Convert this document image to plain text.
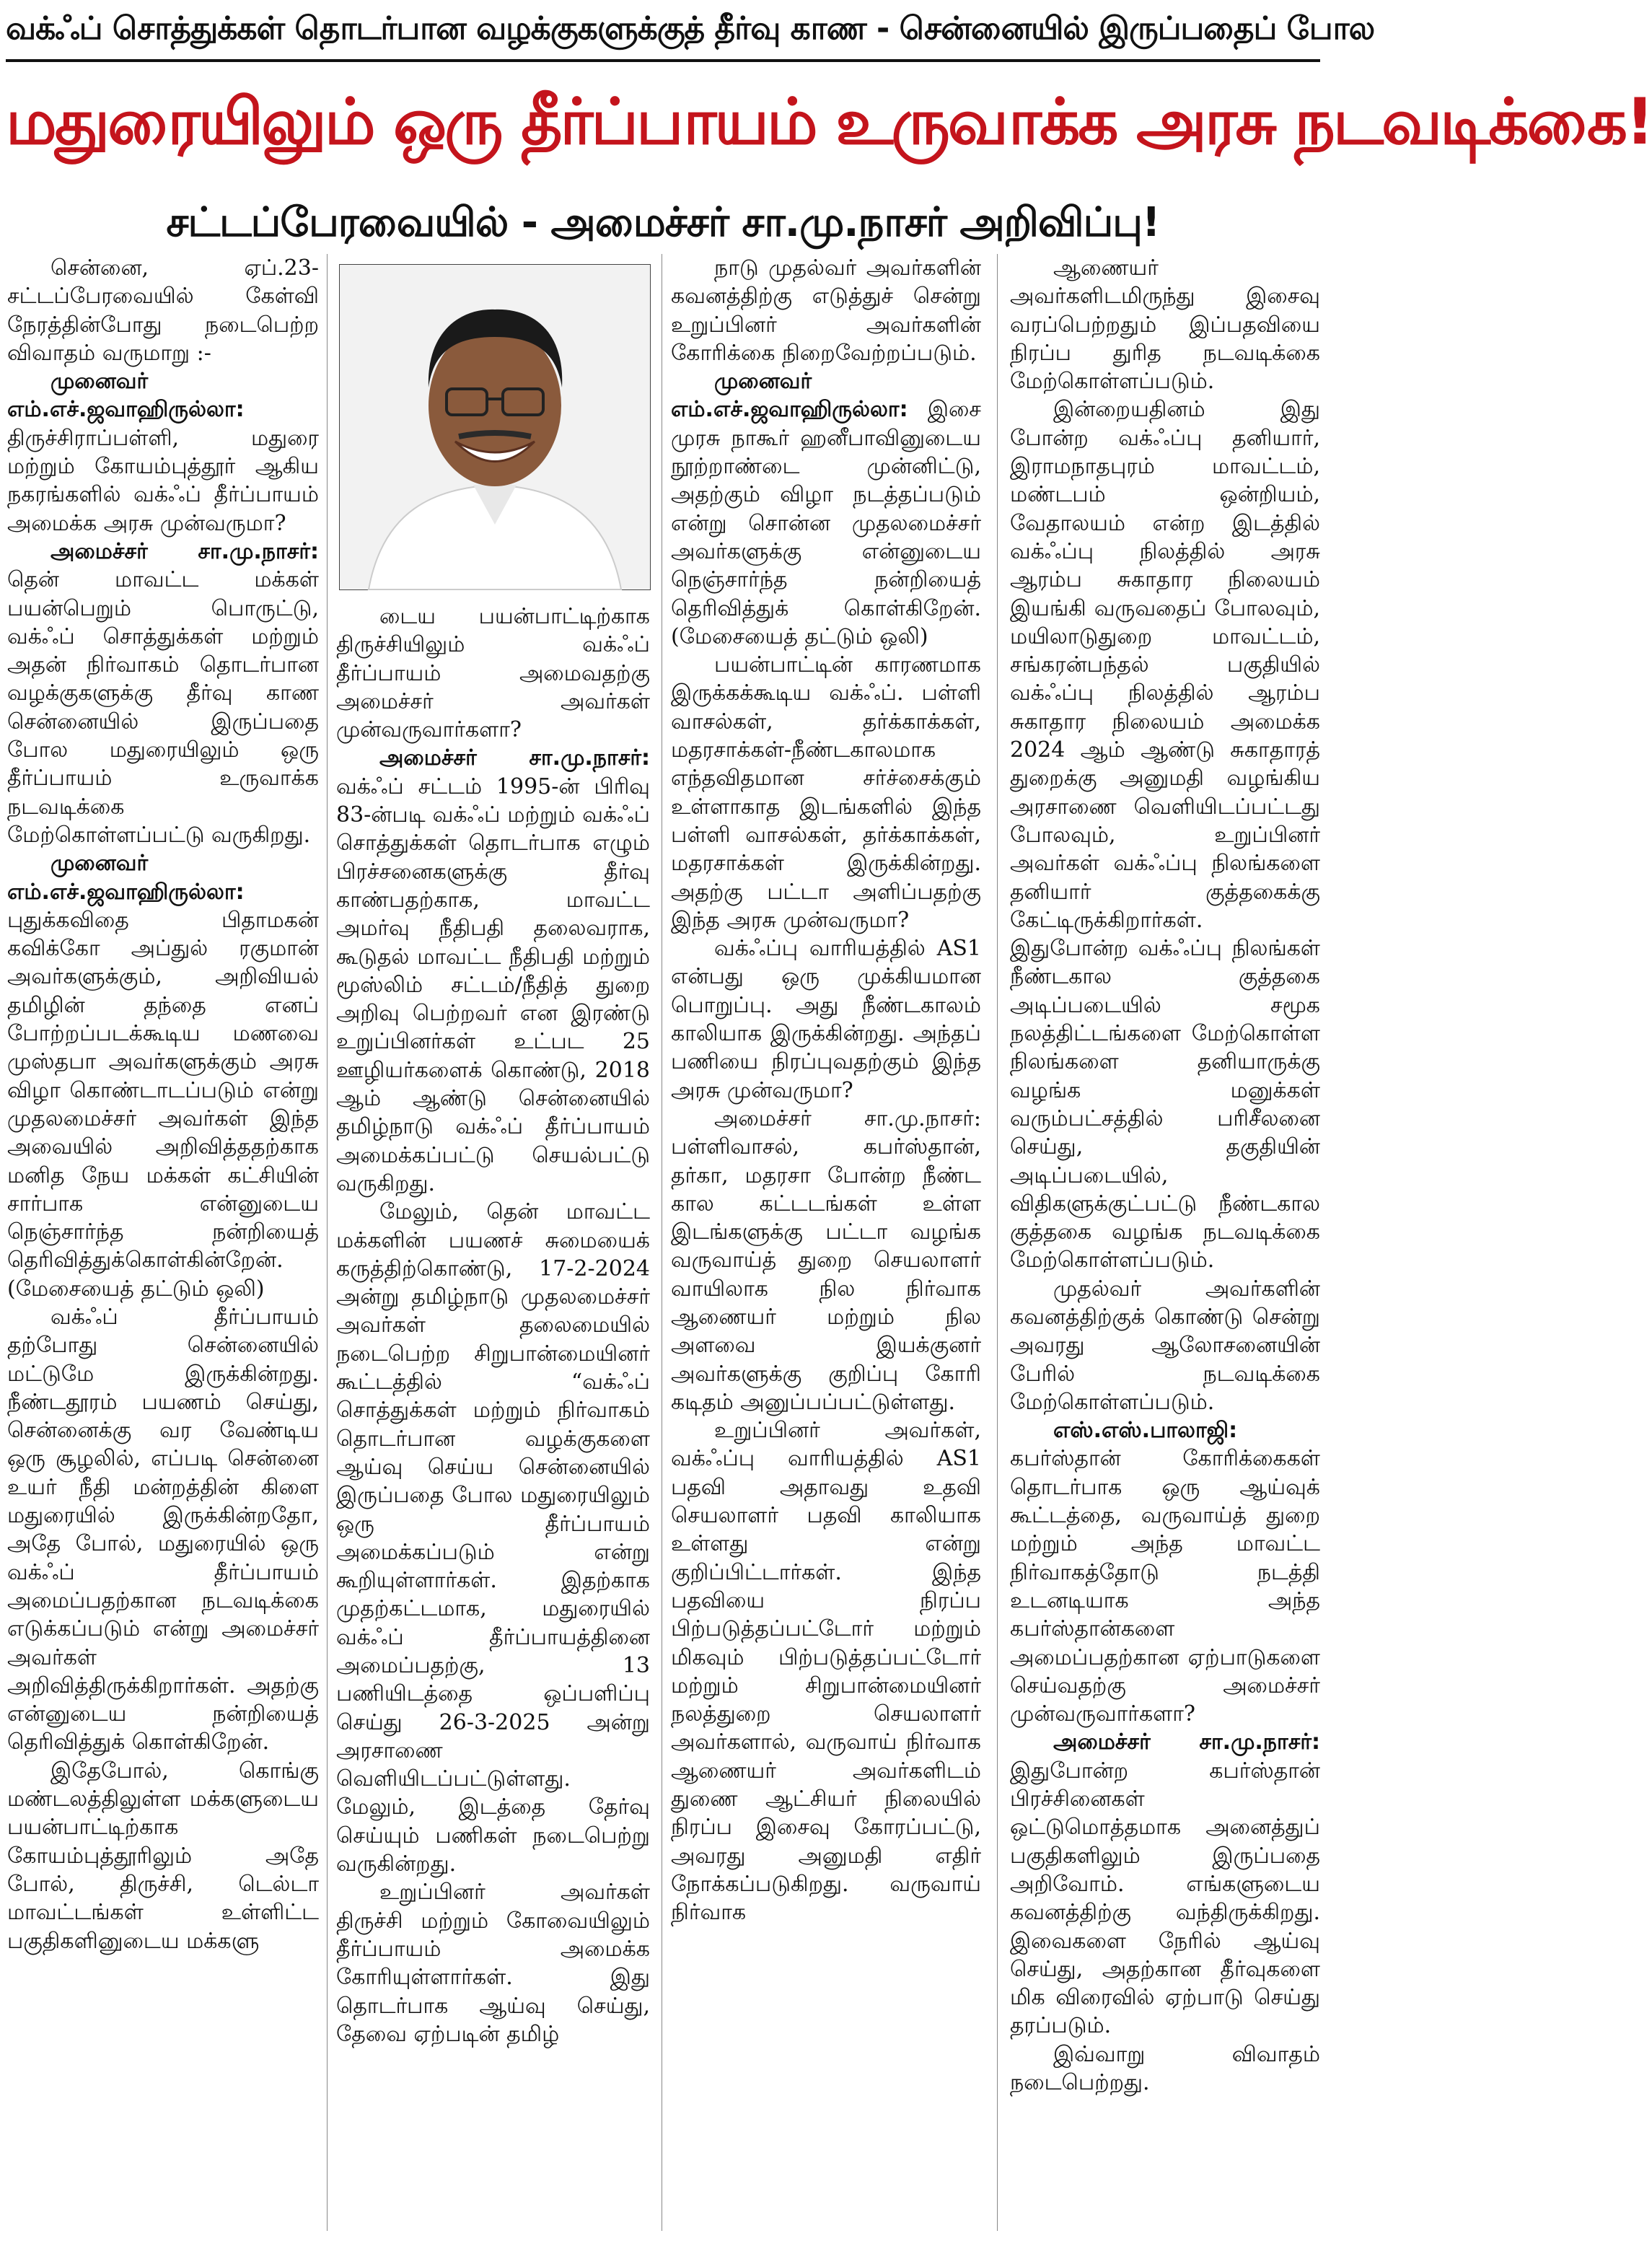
வக்ஃப் சொத்துக்கள் தொடர்பான வழக்குகளுக்குத் தீர்வு காண - சென்னையில் இருப்பதைப் போல
மதுரையிலும் ஒரு தீர்ப்பாயம் உருவாக்க அரசு நடவடிக்கை!
சட்டப்பேரவையில் - அமைச்சர் சா.மு.நாசர் அறிவிப்பு!

சென்னை, ஏப்.23- சட்டப்பேரவையில் கேள்வி நேரத்தின்போது நடைபெற்ற விவாதம் வருமாறு :-

முனைவர் எம்.எச்.ஜவாஹிருல்லா: திருச்சிராப்பள்ளி, மதுரை மற்றும் கோயம்புத்தூர் ஆகிய நகரங்களில் வக்ஃப் தீர்ப்பாயம் அமைக்க அரசு முன்வருமா?

அமைச்சர் சா.மு.நாசர்: தென் மாவட்ட மக்கள் பயன்பெறும் பொருட்டு, வக்ஃப் சொத்துக்கள் மற்றும் அதன் நிர்வாகம் தொடர்பான வழக்குகளுக்கு தீர்வு காண சென்னையில் இருப்பதை போல மதுரையிலும் ஒரு தீர்ப்பாயம் உருவாக்க நடவடிக்கை மேற்கொள்ளப்பட்டு வருகிறது.

முனைவர் எம்.எச்.ஜவாஹிருல்லா: புதுக்கவிதை பிதாமகன் கவிக்கோ அப்துல் ரகுமான் அவர்களுக்கும், அறிவியல் தமிழின் தந்தை எனப் போற்றப்படக்கூடிய மணவை முஸ்தபா அவர்களுக்கும் அரசு விழா கொண்டாடப்படும் என்று முதலமைச்சர் அவர்கள் இந்த அவையில் அறிவித்ததற்காக மனித நேய மக்கள் கட்சியின் சார்பாக என்னுடைய நெஞ்சார்ந்த நன்றியைத் தெரிவித்துக்கொள்கின்றேன். (மேசையைத் தட்டும் ஒலி)

வக்ஃப் தீர்ப்பாயம் தற்போது சென்னையில் மட்டுமே இருக்கின்றது. நீண்டதூரம் பயணம் செய்து, சென்னைக்கு வர வேண்டிய ஒரு சூழலில், எப்படி சென்னை உயர் நீதி மன்றத்தின் கிளை மதுரையில் இருக்கின்றதோ, அதே போல், மதுரையில் ஒரு வக்ஃப் தீர்ப்பாயம் அமைப்பதற்கான நடவடிக்கை எடுக்கப்படும் என்று அமைச்சர் அவர்கள் அறிவித்திருக்கிறார்கள். அதற்கு என்னுடைய நன்றியைத் தெரிவித்துக் கொள்கிறேன்.

இதேபோல், கொங்கு மண்டலத்திலுள்ள மக்களுடைய பயன்பாட்டிற்காக கோயம்புத்தூரிலும் அதே போல், திருச்சி, டெல்டா மாவட்டங்கள் உள்ளிட்ட பகுதிகளினுடைய மக்களு

டைய பயன்பாட்டிற்காக திருச்சியிலும் வக்ஃப் தீர்ப்பாயம் அமைவதற்கு அமைச்சர் அவர்கள் முன்வருவார்களா?

அமைச்சர் சா.மு.நாசர்: வக்ஃப் சட்டம் 1995-ன் பிரிவு 83-ன்படி வக்ஃப் மற்றும் வக்ஃப் சொத்துக்கள் தொடர்பாக எழும் பிரச்சனைகளுக்கு தீர்வு காண்பதற்காக, மாவட்ட அமர்வு நீதிபதி தலைவராக, கூடுதல் மாவட்ட நீதிபதி மற்றும் மூஸ்லிம் சட்டம்/நீதித் துறை அறிவு பெற்றவர் என இரண்டு உறுப்பினர்கள் உட்பட 25 ஊழியர்களைக் கொண்டு, 2018 ஆம் ஆண்டு சென்னையில் தமிழ்நாடு வக்ஃப் தீர்ப்பாயம் அமைக்கப்பட்டு செயல்பட்டு வருகிறது.

மேலும், தென் மாவட்ட மக்களின் பயணச் சுமையைக் கருத்திற்கொண்டு, 17-2-2024 அன்று தமிழ்நாடு முதலமைச்சர் அவர்கள் தலைமையில் நடைபெற்ற சிறுபான்மையினர் கூட்டத்தில் “வக்ஃப் சொத்துக்கள் மற்றும் நிர்வாகம் தொடர்பான வழக்குகளை ஆய்வு செய்ய சென்னையில் இருப்பதை போல மதுரையிலும் ஒரு தீர்ப்பாயம் அமைக்கப்படும் என்று கூறியுள்ளார்கள். இதற்காக முதற்கட்டமாக, மதுரையில் வக்ஃப் தீர்ப்பாயத்தினை அமைப்பதற்கு, 13 பணியிடத்தை ஒப்பளிப்பு செய்து 26-3-2025 அன்று அரசாணை வெளியிடப்பட்டுள்ளது. மேலும், இடத்தை தேர்வு செய்யும் பணிகள் நடைபெற்று வருகின்றது.

உறுப்பினர் அவர்கள் திருச்சி மற்றும் கோவையிலும் தீர்ப்பாயம் அமைக்க கோரியுள்ளார்கள். இது தொடர்பாக ஆய்வு செய்து, தேவை ஏற்படின் தமிழ்

நாடு முதல்வர் அவர்களின் கவனத்திற்கு எடுத்துச் சென்று உறுப்பினர் அவர்களின் கோரிக்கை நிறைவேற்றப்படும்.

முனைவர் எம்.எச்.ஜவாஹிருல்லா: இசை முரசு நாகூர் ஹனீபாவினுடைய நூற்றாண்டை முன்னிட்டு, அதற்கும் விழா நடத்தப்படும் என்று சொன்ன முதலமைச்சர் அவர்களுக்கு என்னுடைய நெஞ்சார்ந்த நன்றியைத் தெரிவித்துக் கொள்கிறேன். (மேசையைத் தட்டும் ஒலி)

பயன்பாட்டின் காரணமாக இருக்கக்கூடிய வக்ஃப். பள்ளி வாசல்கள், தர்க்காக்கள், மதரசாக்கள்-நீண்டகாலமாக எந்தவிதமான சர்ச்சைக்கும் உள்ளாகாத இடங்களில் இந்த பள்ளி வாசல்கள், தர்க்காக்கள், மதரசாக்கள் இருக்கின்றது. அதற்கு பட்டா அளிப்பதற்கு இந்த அரசு முன்வருமா?

வக்ஃப்பு வாரியத்தில் AS1 என்பது ஒரு முக்கியமான பொறுப்பு. அது நீண்டகாலம் காலியாக இருக்கின்றது. அந்தப் பணியை நிரப்புவதற்கும் இந்த அரசு முன்வருமா?

அமைச்சர் சா.மு.நாசர்: பள்ளிவாசல், கபர்ஸ்தான், தர்கா, மதரசா போன்ற நீண்ட கால கட்டடங்கள் உள்ள இடங்களுக்கு பட்டா வழங்க வருவாய்த் துறை செயலாளர் வாயிலாக நில நிர்வாக ஆணையர் மற்றும் நில அளவை இயக்குனர் அவர்களுக்கு குறிப்பு கோரி கடிதம் அனுப்பப்பட்டுள்ளது.

உறுப்பினர் அவர்கள், வக்ஃப்பு வாரியத்தில் AS1 பதவி அதாவது உதவி செயலாளர் பதவி காலியாக உள்ளது என்று குறிப்பிட்டார்கள். இந்த பதவியை நிரப்ப பிற்படுத்தப்பட்டோர் மற்றும் மிகவும் பிற்படுத்தப்பட்டோர் மற்றும் சிறுபான்மையினர் நலத்துறை செயலாளர் அவர்களால், வருவாய் நிர்வாக ஆணையர் அவர்களிடம் துணை ஆட்சியர் நிலையில் நிரப்ப இசைவு கோரப்பட்டு, அவரது அனுமதி எதிர் நோக்கப்படுகிறது. வருவாய் நிர்வாக

ஆணையர் அவர்களிடமிருந்து இசைவு வரப்பெற்றதும் இப்பதவியை நிரப்ப துரித நடவடிக்கை மேற்கொள்ளப்படும்.

இன்றையதினம் இது போன்ற வக்ஃப்பு தனியார், இராமநாதபுரம் மாவட்டம், மண்டபம் ஒன்றியம், வேதாலயம் என்ற இடத்தில் வக்ஃப்பு நிலத்தில் அரசு ஆரம்ப சுகாதார நிலையம் இயங்கி வருவதைப் போலவும், மயிலாடுதுறை மாவட்டம், சங்கரன்பந்தல் பகுதியில் வக்ஃப்பு நிலத்தில் ஆரம்ப சுகாதார நிலையம் அமைக்க 2024 ஆம் ஆண்டு சுகாதாரத் துறைக்கு அனுமதி வழங்கிய அரசாணை வெளியிடப்பட்டது போலவும், உறுப்பினர் அவர்கள் வக்ஃப்பு நிலங்களை தனியார் குத்தகைக்கு கேட்டிருக்கிறார்கள். இதுபோன்ற வக்ஃப்பு நிலங்கள் நீண்டகால குத்தகை அடிப்படையில் சமூக நலத்திட்டங்களை மேற்கொள்ள நிலங்களை தனியாருக்கு வழங்க மனுக்கள் வரும்பட்சத்தில் பரிசீலனை செய்து, தகுதியின் அடிப்படையில், விதிகளுக்குட்பட்டு நீண்டகால குத்தகை வழங்க நடவடிக்கை மேற்கொள்ளப்படும்.

முதல்வர் அவர்களின் கவனத்திற்குக் கொண்டு சென்று அவரது ஆலோசனையின் பேரில் நடவடிக்கை மேற்கொள்ளப்படும்.

எஸ்.எஸ்.பாலாஜி: கபர்ஸ்தான் கோரிக்கைகள் தொடர்பாக ஒரு ஆய்வுக் கூட்டத்தை, வருவாய்த் துறை மற்றும் அந்த மாவட்ட நிர்வாகத்தோடு நடத்தி உடனடியாக அந்த கபர்ஸ்தான்களை அமைப்பதற்கான ஏற்பாடுகளை செய்வதற்கு அமைச்சர் முன்வருவார்களா?

அமைச்சர் சா.மு.நாசர்: இதுபோன்ற கபர்ஸ்தான் பிரச்சினைகள் ஒட்டுமொத்தமாக அனைத்துப் பகுதிகளிலும் இருப்பதை அறிவோம். எங்களுடைய கவனத்திற்கு வந்திருக்கிறது. இவைகளை நேரில் ஆய்வு செய்து, அதற்கான தீர்வுகளை மிக விரைவில் ஏற்பாடு செய்து தரப்படும்.

இவ்வாறு விவாதம் நடைபெற்றது.
